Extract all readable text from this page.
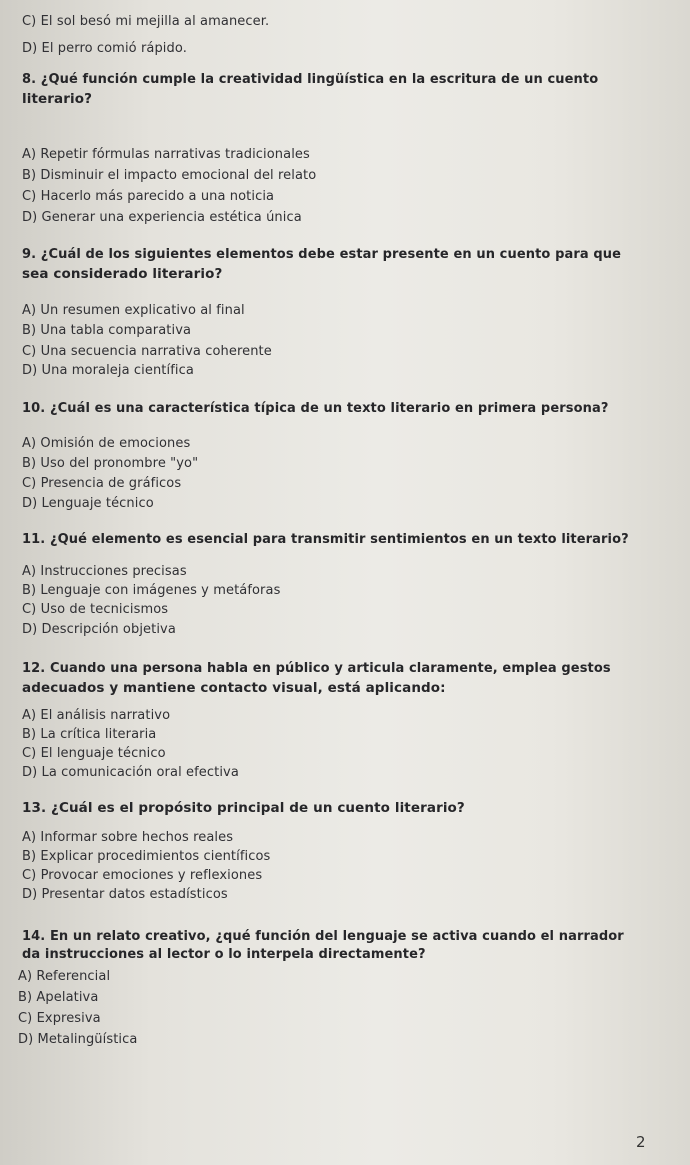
C) El sol besó mi mejilla al amanecer.
D) El perro comió rápido.
8. ¿Qué función cumple la creatividad lingüística en la escritura de un cuento
literario?
A) Repetir fórmulas narrativas tradicionales
B) Disminuir el impacto emocional del relato
C) Hacerlo más parecido a una noticia
D) Generar una experiencia estética única
9. ¿Cuál de los siguientes elementos debe estar presente en un cuento para que
sea considerado literario?
A) Un resumen explicativo al final
B) Una tabla comparativa
C) Una secuencia narrativa coherente
D) Una moraleja científica
10. ¿Cuál es una característica típica de un texto literario en primera persona?
A) Omisión de emociones
B) Uso del pronombre "yo"
C) Presencia de gráficos
D) Lenguaje técnico
11. ¿Qué elemento es esencial para transmitir sentimientos en un texto literario?
A) Instrucciones precisas
B) Lenguaje con imágenes y metáforas
C) Uso de tecnicismos
D) Descripción objetiva
12. Cuando una persona habla en público y articula claramente, emplea gestos
adecuados y mantiene contacto visual, está aplicando:
A) El análisis narrativo
B) La crítica literaria
C) El lenguaje técnico
D) La comunicación oral efectiva
13. ¿Cuál es el propósito principal de un cuento literario?
A) Informar sobre hechos reales
B) Explicar procedimientos científicos
C) Provocar emociones y reflexiones
D) Presentar datos estadísticos
14. En un relato creativo, ¿qué función del lenguaje se activa cuando el narrador
da instrucciones al lector o lo interpela directamente?
A) Referencial
B) Apelativa
C) Expresiva
D) Metalingüística
2
